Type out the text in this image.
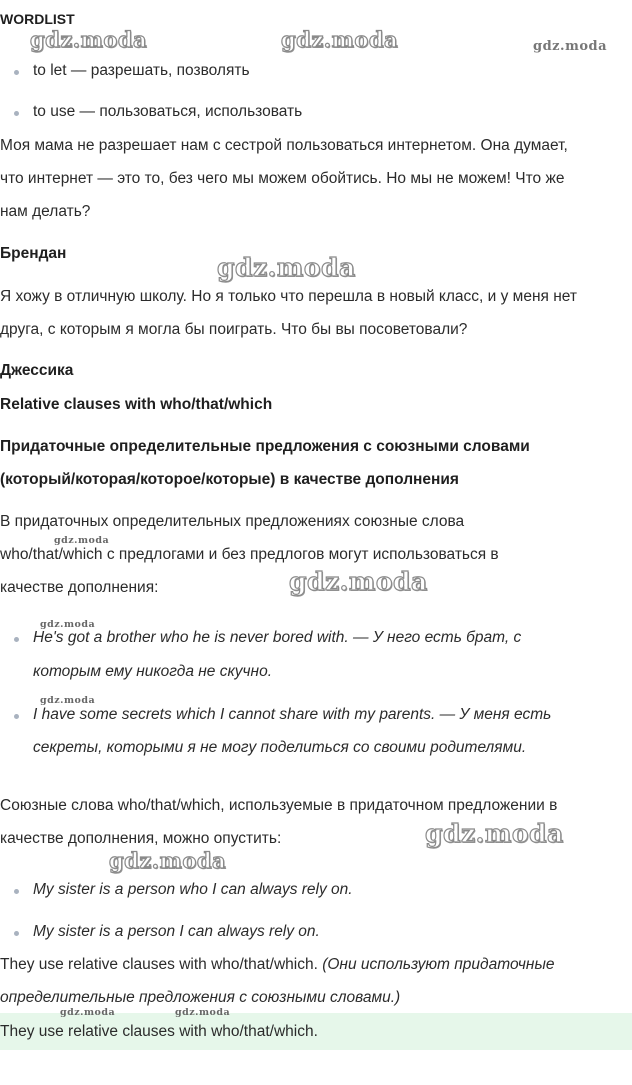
WORDLIST
to let — разрешать, позволять
to use — пользоваться, использовать
Моя мама не разрешает нам с сестрой пользоваться интернетом. Она думает,
что интернет — это то, без чего мы можем обойтись. Но мы не можем! Что же
нам делать?
Брендан
Я хожу в отличную школу. Но я только что перешла в новый класс, и у меня нет
друга, с которым я могла бы поиграть. Что бы вы посоветовали?
Джессика
Relative clauses with who/that/which
Придаточные определительные предложения с союзными словами
(который/которая/которое/которые) в качестве дополнения
В придаточных определительных предложениях союзные слова
who/that/which с предлогами и без предлогов могут использоваться в
качестве дополнения:
He's got a brother who he is never bored with. — У него есть брат, с
которым ему никогда не скучно.
I have some secrets which I cannot share with my parents. — У меня есть
секреты, которыми я не могу поделиться со своими родителями.
Союзные слова who/that/which, используемые в придаточном предложении в
качестве дополнения, можно опустить:
My sister is a person who I can always rely on.
My sister is a person I can always rely on.
They use relative clauses with who/that/which. (Они используют придаточные
определительные предложения с союзными словами.)
They use relative clauses with who/that/which.
gdz.moda	gdz.moda	gdz.moda
gdz.moda
gdz.moda
gdz.moda
gdz.moda
gdz.moda
gdz.moda
gdz.moda
gdz.moda	gdz.moda
